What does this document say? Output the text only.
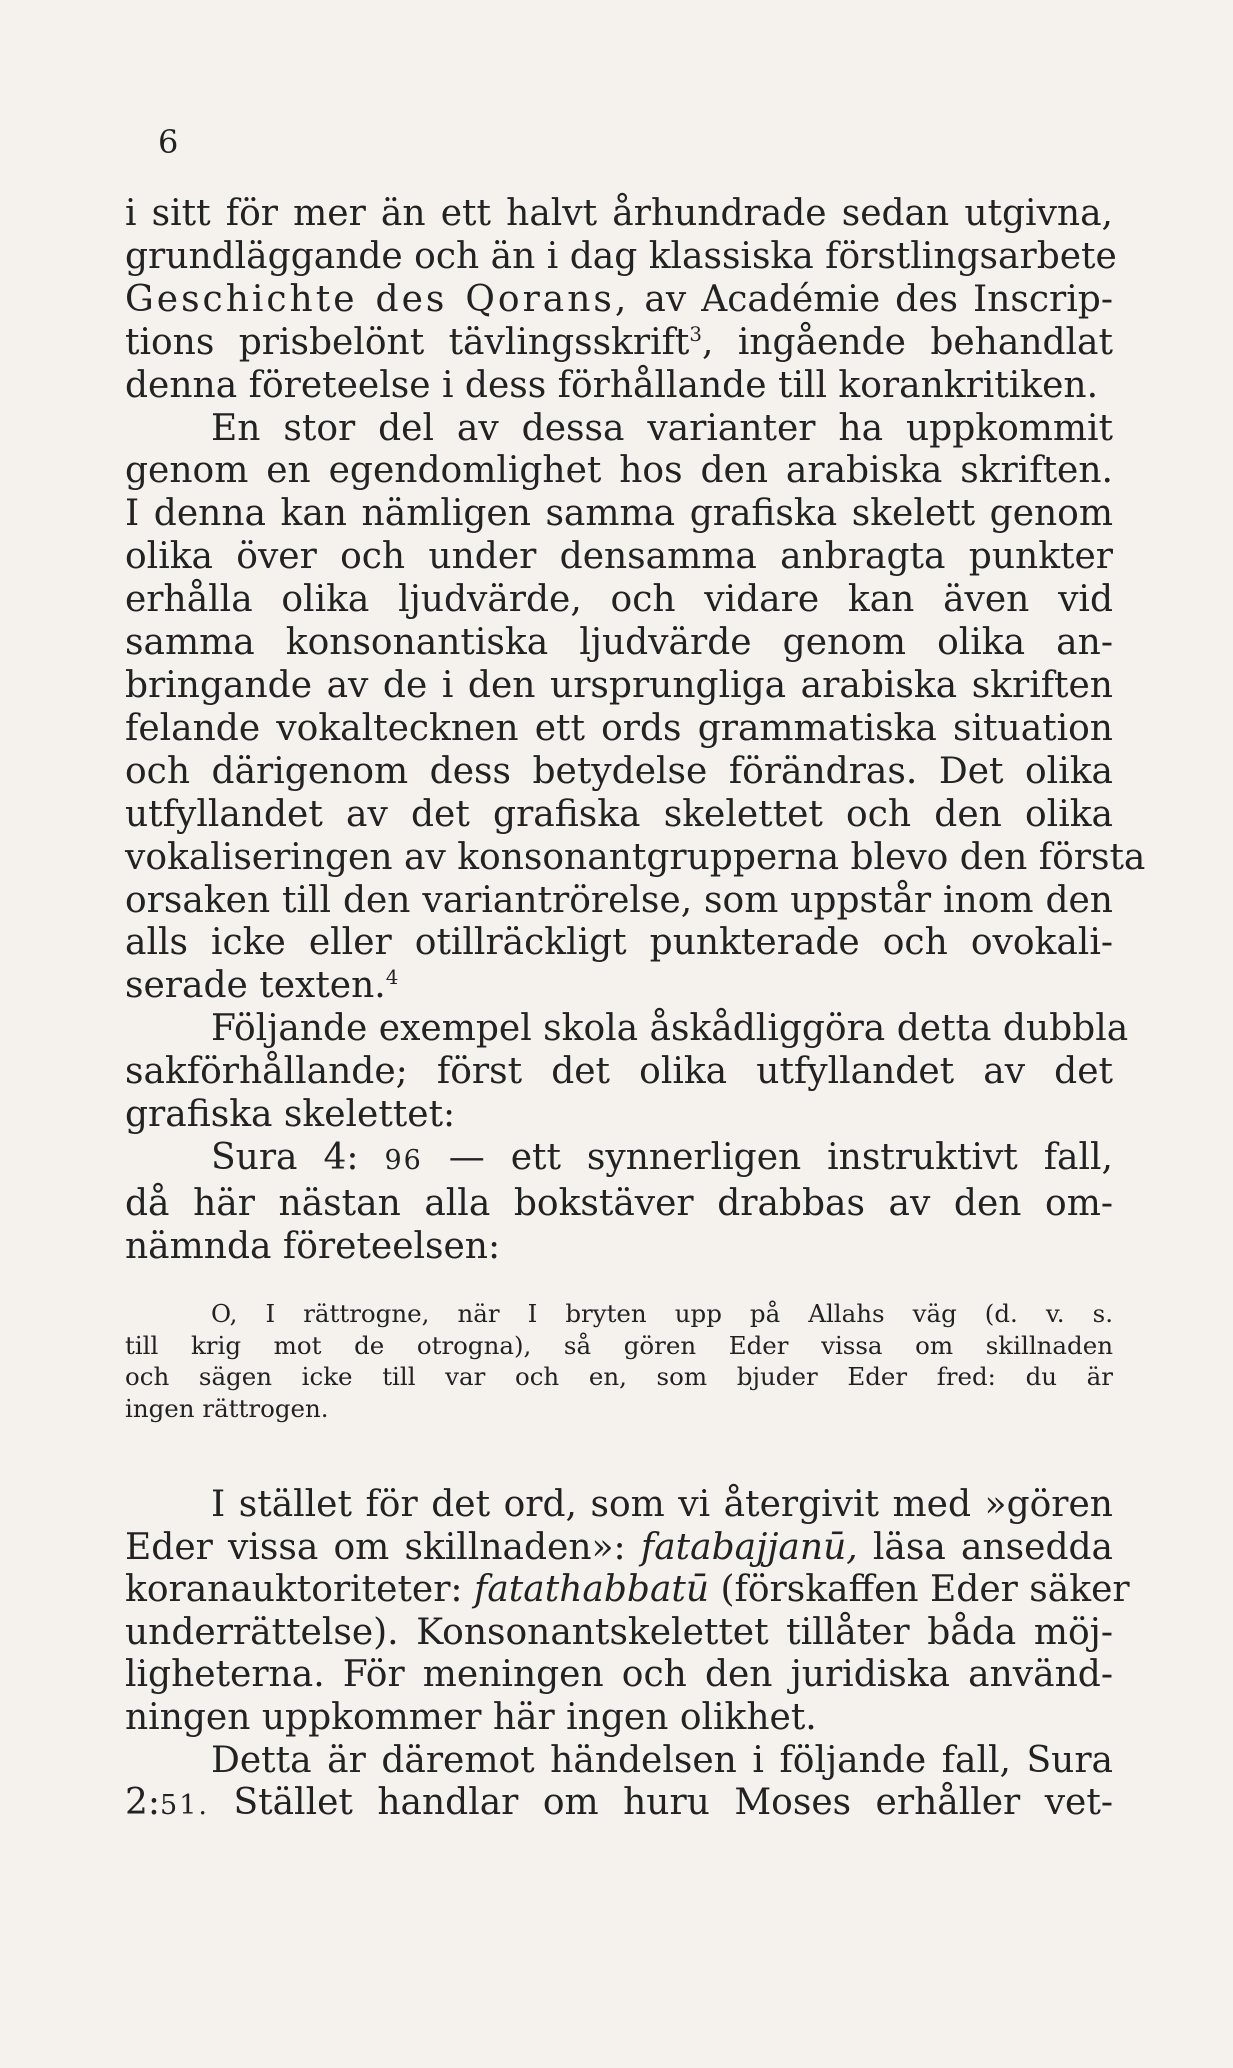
6
i sitt för mer än ett halvt århundrade sedan utgivna,
grundläggande och än i dag klassiska förstlingsarbete
Geschichte des Qorans, av Académie des Inscrip-
tions prisbelönt tävlingsskrift$^3$, ingående behandlat
denna företeelse i dess förhållande till korankritiken.
En stor del av dessa varianter ha uppkommit
genom en egendomlighet hos den arabiska skriften.
I denna kan nämligen samma grafiska skelett genom
olika över och under densamma anbragta punkter
erhålla olika ljudvärde, och vidare kan även vid
samma konsonantiska ljudvärde genom olika an-
bringande av de i den ursprungliga arabiska skriften
felande vokaltecknen ett ords grammatiska situation
och därigenom dess betydelse förändras. Det olika
utfyllandet av det grafiska skelettet och den olika
vokaliseringen av konsonantgrupperna blevo den första
orsaken till den variantrörelse, som uppstår inom den
alls icke eller otillräckligt punkterade och ovokali-
serade texten.$^4$
Följande exempel skola åskådliggöra detta dubbla
sakförhållande; först det olika utfyllandet av det
grafiska skelettet:
Sura 4: 96 — ett synnerligen instruktivt fall,
då här nästan alla bokstäver drabbas av den om-
nämnda företeelsen:
O, I rättrogne, när I bryten upp på Allahs väg (d. v. s.
till krig mot de otrogna), så gören Eder vissa om skillnaden
och sägen icke till var och en, som bjuder Eder fred: du är
ingen rättrogen.
I stället för det ord, som vi återgivit med »gören
Eder vissa om skillnaden»: fatabajjanū, läsa ansedda
koranauktoriteter: fatathabbatū (förskaffen Eder säker
underrättelse). Konsonantskelettet tillåter båda möj-
ligheterna. För meningen och den juridiska använd-
ningen uppkommer här ingen olikhet.
Detta är däremot händelsen i följande fall, Sura
2:51. Stället handlar om huru Moses erhåller vet-
